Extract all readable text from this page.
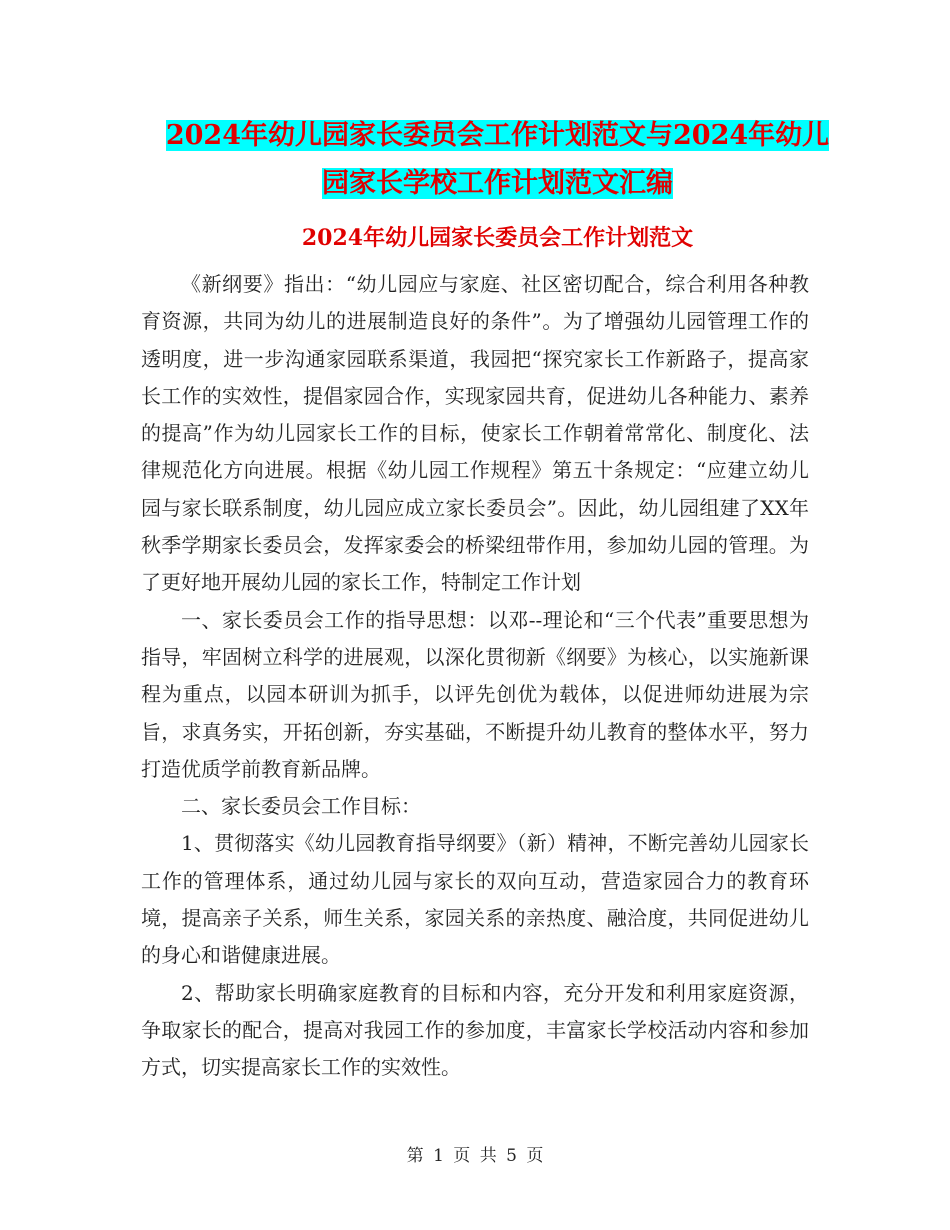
2024年幼儿园家长委员会工作计划范文与2024年幼儿
园家长学校工作计划范文汇编
2024年幼儿园家长委员会工作计划范文

《新纲要》指出：“幼儿园应与家庭、社区密切配合，综合利用各种教育资源，共同为幼儿的进展制造良好的条件”。为了增强幼儿园管理工作的透明度，进一步沟通家园联系渠道，我园把“探究家长工作新路子，提高家长工作的实效性，提倡家园合作，实现家园共育，促进幼儿各种能力、素养的提高”作为幼儿园家长工作的目标，使家长工作朝着常常化、制度化、法律规范化方向进展。根据《幼儿园工作规程》第五十条规定：“应建立幼儿园与家长联系制度，幼儿园应成立家长委员会”。因此，幼儿园组建了XX年秋季学期家长委员会，发挥家委会的桥梁纽带作用，参加幼儿园的管理。为了更好地开展幼儿园的家长工作，特制定工作计划

一、家长委员会工作的指导思想：以邓--理论和“三个代表”重要思想为指导，牢固树立科学的进展观，以深化贯彻新《纲要》为核心，以实施新课程为重点，以园本研训为抓手，以评先创优为载体，以促进师幼进展为宗旨，求真务实，开拓创新，夯实基础，不断提升幼儿教育的整体水平，努力打造优质学前教育新品牌。

二、家长委员会工作目标：

1、贯彻落实《幼儿园教育指导纲要》（新）精神，不断完善幼儿园家长工作的管理体系，通过幼儿园与家长的双向互动，营造家园合力的教育环境，提高亲子关系，师生关系，家园关系的亲热度、融洽度，共同促进幼儿的身心和谐健康进展。

2、帮助家长明确家庭教育的目标和内容，充分开发和利用家庭资源，争取家长的配合，提高对我园工作的参加度，丰富家长学校活动内容和参加方式，切实提高家长工作的实效性。

第 1 页 共 5 页
